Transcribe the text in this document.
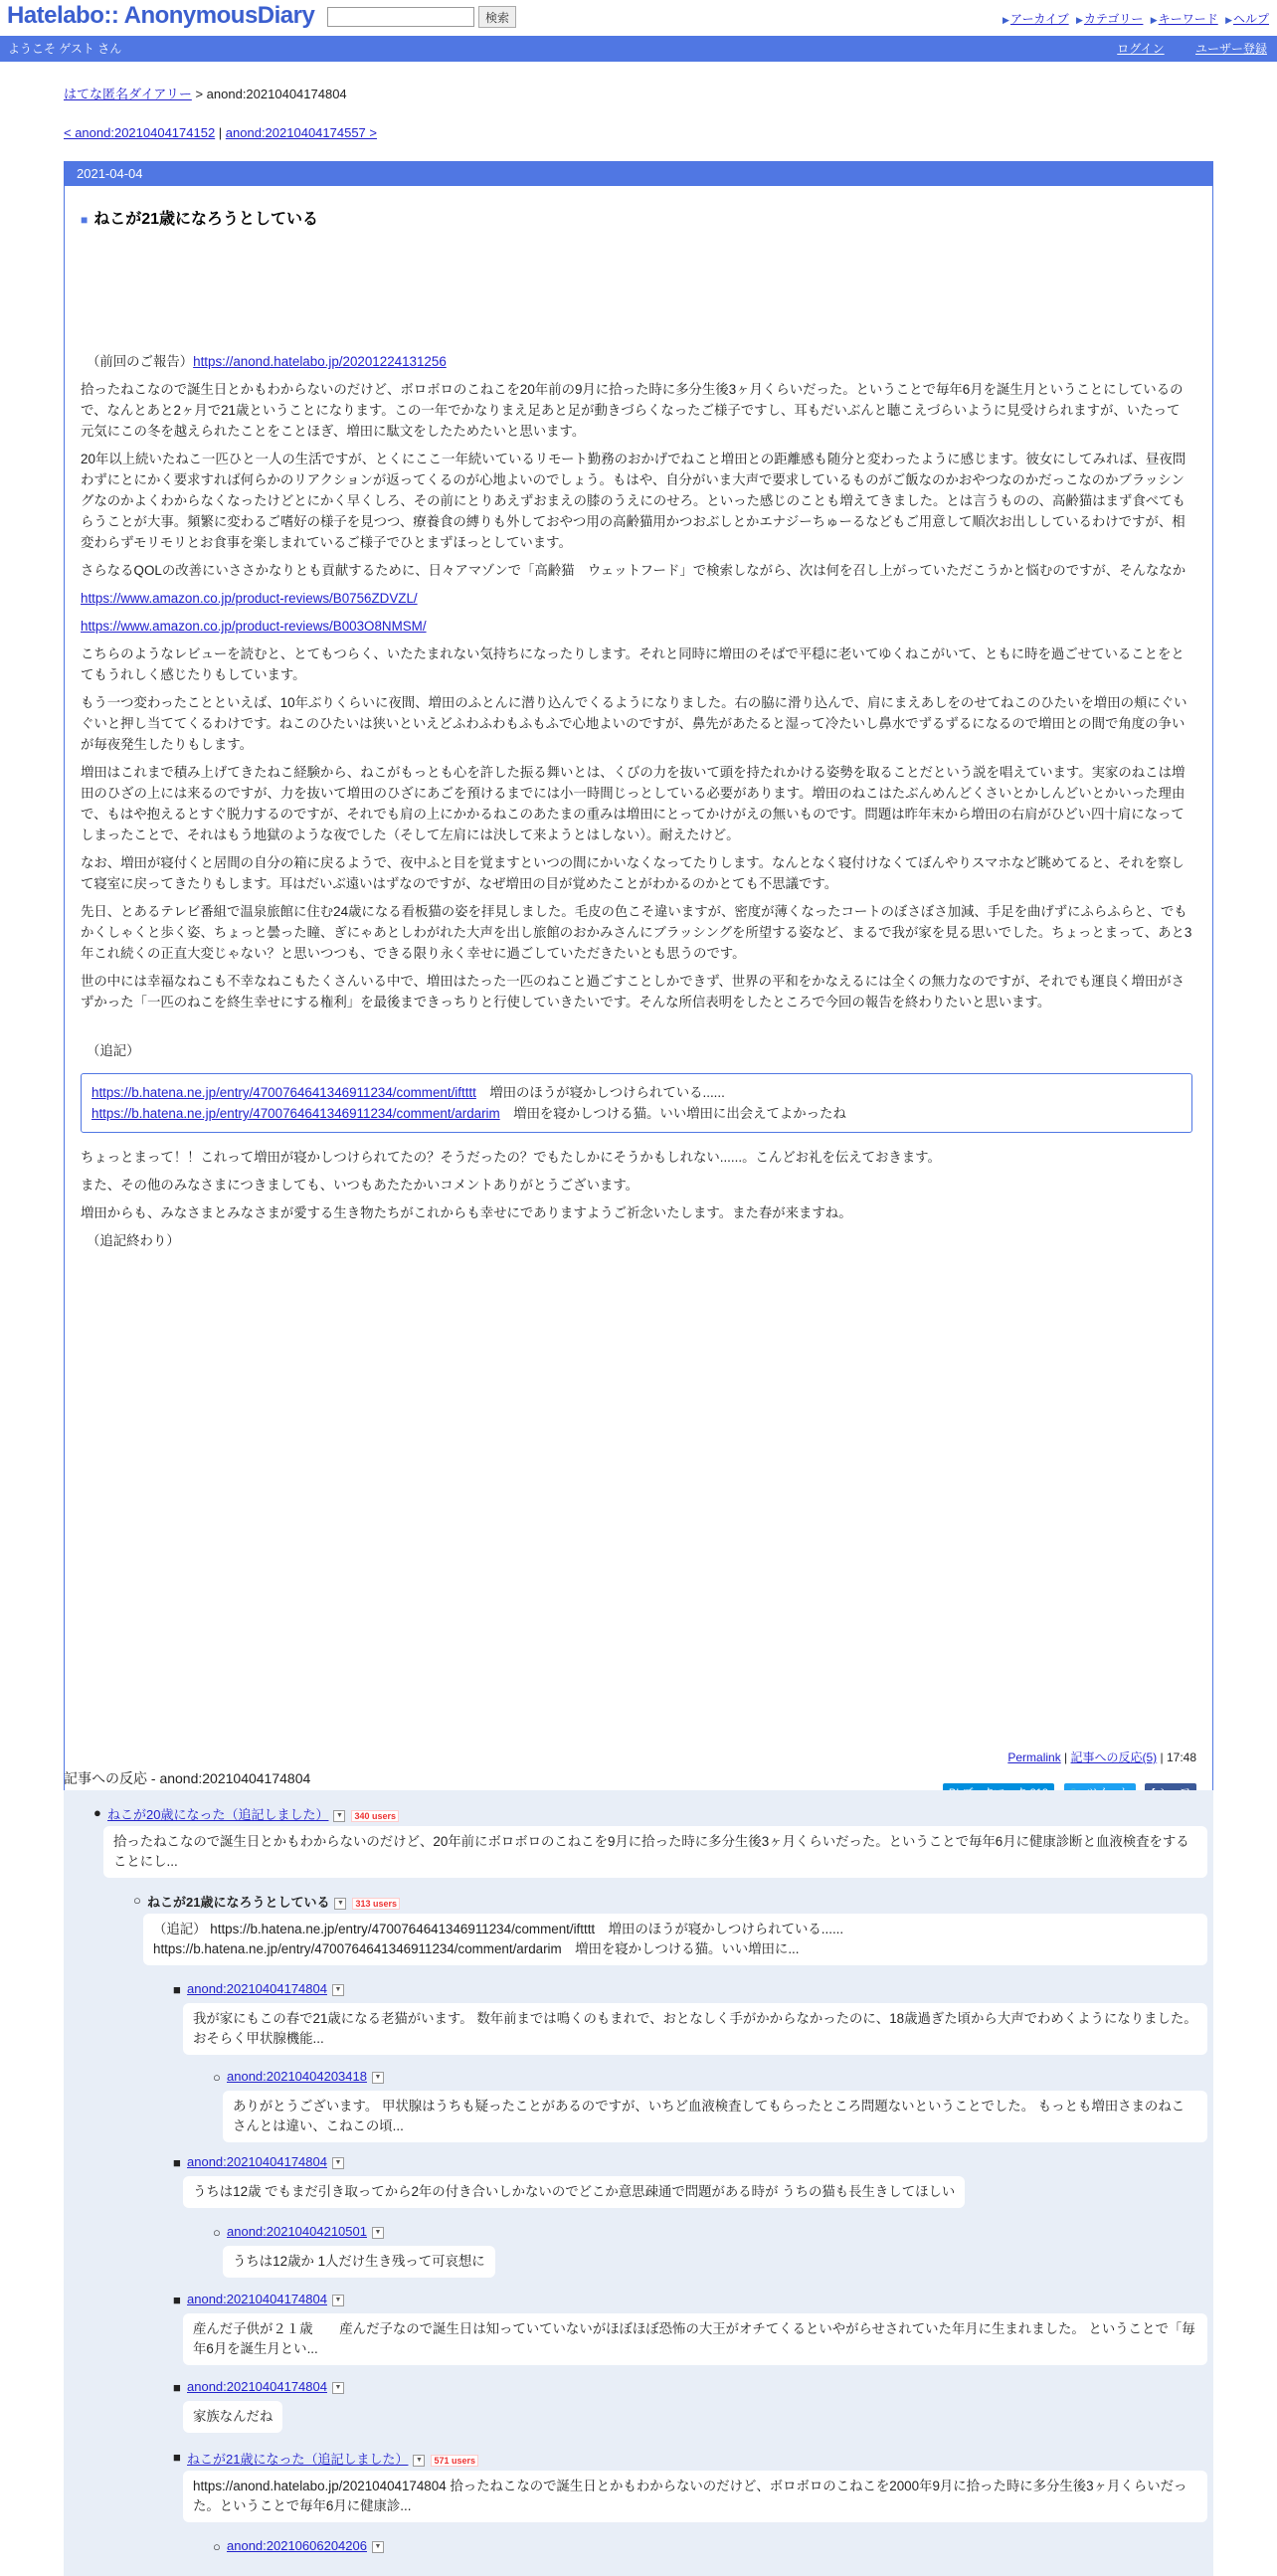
Hatelabo:: AnonymousDiary	検索	▶アーカイブ ▶カテゴリー ▶キーワード ▶ヘルプ
ようこそ ゲスト さん	ログイン	ユーザー登録
はてな匿名ダイアリー > anond:20210404174804
< anond:20210404174152 | anond:20210404174557 >
2021-04-04
■ ねこが21歳になろうとしている

（前回のご報告）https://anond.hatelabo.jp/20201224131256

拾ったねこなので誕生日とかもわからないのだけど、ボロボロのこねこを20年前の9月に拾った時に多分生後3ヶ月くらいだった。ということで毎年6月を誕生月ということにしているので、なんとあと2ヶ月で21歳ということになります。この一年でかなりまえ足あと足が動きづらくなったご様子ですし、耳もだいぶんと聴こえづらいように見受けられますが、いたって元気にこの冬を越えられたことをことほぎ、増田に駄文をしたためたいと思います。

20年以上続いたねこ一匹ひと一人の生活ですが、とくにここ一年続いているリモート勤務のおかげでねこと増田との距離感も随分と変わったように感じます。彼女にしてみれば、昼夜問わずにとにかく要求すれば何らかのリアクションが返ってくるのが心地よいのでしょう。もはや、自分がいま大声で要求しているものがご飯なのかおやつなのかだっこなのかブラッシングなのかよくわからなくなったけどとにかく早くしろ、その前にとりあえずおまえの膝のうえにのせろ。といった感じのことも増えてきました。とは言うものの、高齢猫はまず食べてもらうことが大事。頻繁に変わるご嗜好の様子を見つつ、療養食の縛りも外しておやつ用の高齢猫用かつおぶしとかエナジーちゅーるなどもご用意して順次お出ししているわけですが、相変わらずモリモリとお食事を楽しまれているご様子でひとまずほっとしています。

さらなるQOLの改善にいささかなりとも貢献するために、日々アマゾンで「高齢猫　ウェットフード」で検索しながら、次は何を召し上がっていただこうかと悩むのですが、そんななか

https://www.amazon.co.jp/product-reviews/B0756ZDVZL/

https://www.amazon.co.jp/product-reviews/B003O8NMSM/

こちらのようなレビューを読むと、とてもつらく、いたたまれない気持ちになったりします。それと同時に増田のそばで平穏に老いてゆくねこがいて、ともに時を過ごせていることをとてもうれしく感じたりもしています。

もう一つ変わったことといえば、10年ぶりくらいに夜間、増田のふとんに潜り込んでくるようになりました。右の脇に滑り込んで、肩にまえあしをのせてねこのひたいを増田の頬にぐいぐいと押し当ててくるわけです。ねこのひたいは狭いといえどふわふわもふもふで心地よいのですが、鼻先があたると湿って冷たいし鼻水でずるずるになるので増田との間で角度の争いが毎夜発生したりもします。

増田はこれまで積み上げてきたねこ経験から、ねこがもっとも心を許した振る舞いとは、くびの力を抜いて頭を持たれかける姿勢を取ることだという説を唱えています。実家のねこは増田のひざの上には来るのですが、力を抜いて増田のひざにあごを預けるまでには小一時間じっとしている必要があります。増田のねこはたぶんめんどくさいとかしんどいとかいった理由で、もはや抱えるとすぐ脱力するのですが、それでも肩の上にかかるねこのあたまの重みは増田にとってかけがえの無いものです。問題は昨年末から増田の右肩がひどい四十肩になってしまったことで、それはもう地獄のような夜でした（そして左肩には決して来ようとはしない）。耐えたけど。

なお、増田が寝付くと居間の自分の箱に戻るようで、夜中ふと目を覚ますといつの間にかいなくなってたりします。なんとなく寝付けなくてぼんやりスマホなど眺めてると、それを察して寝室に戻ってきたりもします。耳はだいぶ遠いはずなのですが、なぜ増田の目が覚めたことがわかるのかとても不思議です。

先日、とあるテレビ番組で温泉旅館に住む24歳になる看板猫の姿を拝見しました。毛皮の色こそ違いますが、密度が薄くなったコートのぼさぼさ加減、手足を曲げずにふらふらと、でもかくしゃくと歩く姿、ちょっと曇った瞳、ぎにゃあとしわがれた大声を出し旅館のおかみさんにブラッシングを所望する姿など、まるで我が家を見る思いでした。ちょっとまって、あと3年これ続くの正直大変じゃない？と思いつつも、できる限り永く幸せに過ごしていただきたいとも思うのです。

世の中には幸福なねこも不幸なねこもたくさんいる中で、増田はたった一匹のねこと過ごすことしかできず、世界の平和をかなえるには全くの無力なのですが、それでも運良く増田がさずかった「一匹のねこを終生幸せにする権利」を最後まできっちりと行使していきたいです。そんな所信表明をしたところで今回の報告を終わりたいと思います。

（追記）

https://b.hatena.ne.jp/entry/4700764641346911234/comment/iftttt　増田のほうが寝かしつけられている......
https://b.hatena.ne.jp/entry/4700764641346911234/comment/ardarim　増田を寝かしつける猫。いい増田に出会えてよかったね

ちょっとまって！！これって増田が寝かしつけられてたの？そうだったの？でもたしかにそうかもしれない......。こんどお礼を伝えておきます。

また、その他のみなさまにつきましても、いつもあたたかいコメントありがとうございます。

増田からも、みなさまとみなさまが愛する生き物たちがこれからも幸せにでありますようご祈念いたします。また春が来ますね。

（追記終わり）

Permalink | 記事への反応(5) | 17:48

記事への反応 - anond:20210404174804
● ねこが20歳になった（追記しました） ▼ 340 users
拾ったねこなので誕生日とかもわからないのだけど、20年前にボロボロのこねこを9月に拾った時に多分生後3ヶ月くらいだった。ということで毎年6月に健康診断と血液検査をすることにし...
○ ねこが21歳になろうとしている ▼ 313 users
（追記） https://b.hatena.ne.jp/entry/4700764641346911234/comment/iftttt　増田のほうが寝かしつけられている......
https://b.hatena.ne.jp/entry/4700764641346911234/comment/ardarim　増田を寝かしつける猫。いい増田に...
■ anond:20210404174804 ▼
我が家にもこの春で21歳になる老猫がいます。 数年前までは鳴くのもまれで、おとなしく手がかからなかったのに、18歳過ぎた頃から大声でわめくようになりました。おそらく甲状腺機能...
○ anond:20210404203418 ▼
ありがとうございます。 甲状腺はうちも疑ったことがあるのですが、いちど血液検査してもらったところ問題ないということでした。 もっとも増田さまのねこさんとは違い、こねこの頃...
■ anond:20210404174804 ▼
うちは12歳 でもまだ引き取ってから2年の付き合いしかないのでどこか意思疎通で問題がある時が うちの猫も長生きしてほしい
○ anond:20210404210501 ▼
うちは12歳か 1人だけ生き残って可哀想に
■ anond:20210404174804 ▼
産んだ子供が２１歳　　産んだ子なので誕生日は知っていていないがほぼほぼ恐怖の大王がオチてくるといやがらせされていた年月に生まれました。 ということで「毎年6月を誕生月とい...
■ anond:20210404174804 ▼
家族なんだね
■ ねこが21歳になった（追記しました） ▼ 571 users
https://anond.hatelabo.jp/20210404174804 拾ったねこなので誕生日とかもわからないのだけど、ボロボロのこねこを2000年9月に拾った時に多分生後3ヶ月くらいだった。ということで毎年6月に健康診...
○ anond:20210606204206 ▼
